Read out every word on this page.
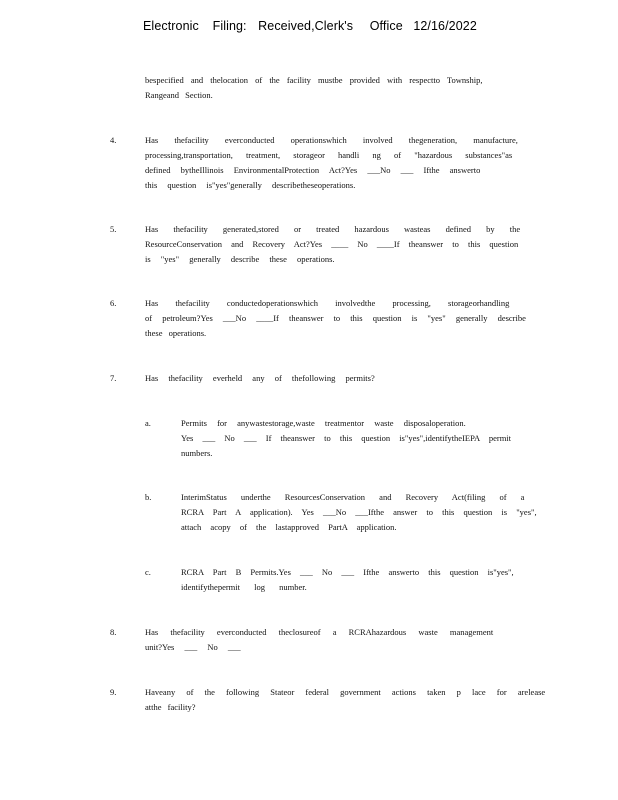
Electronic Filing: Received,Clerk's Office 12/16/2022
bespecified and thelocation of the facility mustbe provided with respectto Township,
Rangeand Section.
4.	Has thefacility everconducted operationswhich involved thegeneration, manufacture,
processing,transportation, treatment, storageor handli ng of "hazardous substances"as
defined bytheIllinois EnvironmentalProtection Act?Yes ___No ___ Ifthe answerto
this question is"yes"generally describetheseoperations.
5.	Has thefacility generated,stored or treated hazardous wasteas defined by the
ResourceConservation and Recovery Act?Yes ____ No ____If theanswer to this question
is "yes" generally describe these operations.
6.	Has thefacility conductedoperationswhich involvedthe processing, storageorhandling
of petroleum?Yes ___No ____If theanswer to this question is "yes" generally describe
these operations.
7.	Has thefacility everheld any of thefollowing permits?
a.	Permits for anywastestorage,waste treatmentor waste disposaloperation.
Yes ___ No ___ If theanswer to this question is"yes",identifytheIEPA permit
numbers.
b.	InterimStatus underthe ResourcesConservation and Recovery Act(filing of a
RCRA Part A application). Yes ___No ___Ifthe answer to this question is "yes",
attach acopy of the lastapproved PartA application.
c.	RCRA Part B Permits.Yes ___ No ___ Ifthe answerto this question is"yes",
identifythepermit log number.
8.	Has thefacility everconducted theclosureof a RCRAhazardous waste management
unit?Yes ___ No ___
9.	Haveany of the following Stateor federal government actions taken p lace for arelease
atthe facility?
